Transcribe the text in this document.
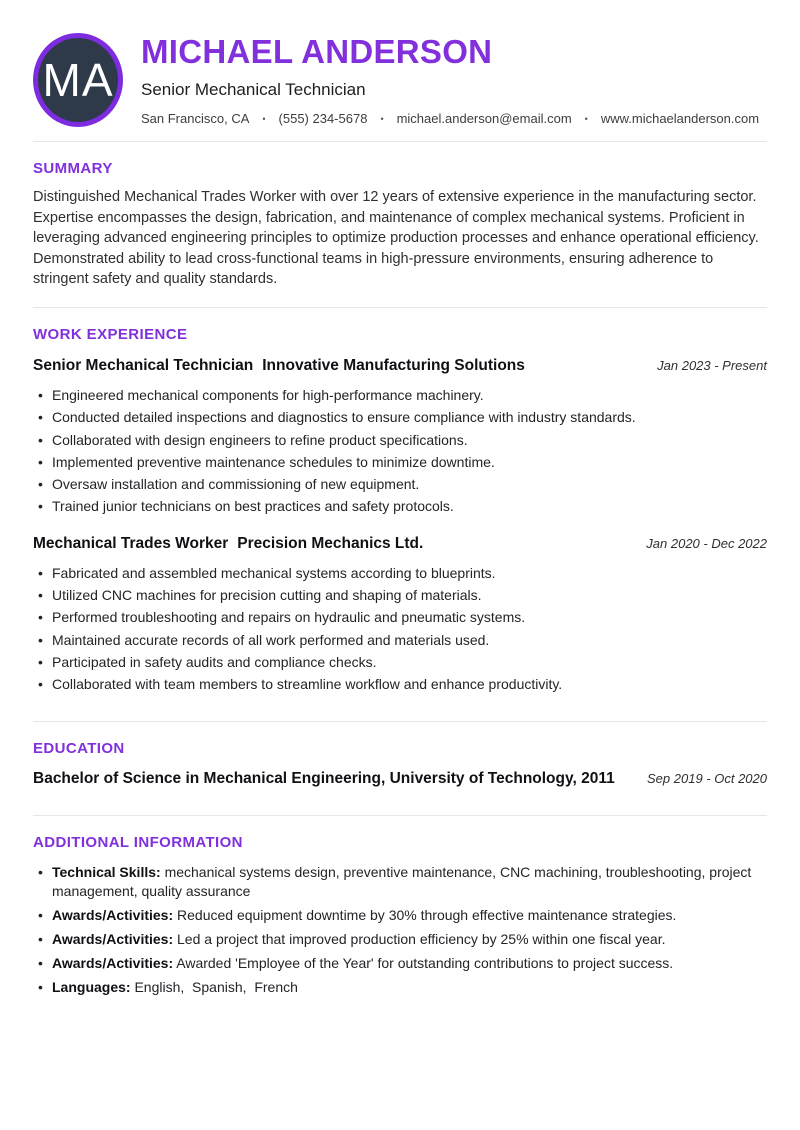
MA
MICHAEL ANDERSON
Senior Mechanical Technician
San Francisco, CA • (555) 234-5678 • michael.anderson@email.com • www.michaelanderson.com
SUMMARY

Distinguished Mechanical Trades Worker with over 12 years of extensive experience in the manufacturing sector. Expertise encompasses the design, fabrication, and maintenance of complex mechanical systems. Proficient in leveraging advanced engineering principles to optimize production processes and enhance operational efficiency. Demonstrated ability to lead cross-functional teams in high-pressure environments, ensuring adherence to stringent safety and quality standards.

WORK EXPERIENCE
Senior Mechanical Technician Innovative Manufacturing Solutions	Jan 2023 - Present
• Engineered mechanical components for high-performance machinery.
• Conducted detailed inspections and diagnostics to ensure compliance with industry standards.
• Collaborated with design engineers to refine product specifications.
• Implemented preventive maintenance schedules to minimize downtime.
• Oversaw installation and commissioning of new equipment.
• Trained junior technicians on best practices and safety protocols.
Mechanical Trades Worker Precision Mechanics Ltd.	Jan 2020 - Dec 2022
• Fabricated and assembled mechanical systems according to blueprints.
• Utilized CNC machines for precision cutting and shaping of materials.
• Performed troubleshooting and repairs on hydraulic and pneumatic systems.
• Maintained accurate records of all work performed and materials used.
• Participated in safety audits and compliance checks.
• Collaborated with team members to streamline workflow and enhance productivity.
EDUCATION
Bachelor of Science in Mechanical Engineering, University of Technology, 2011 Sep 2019 - Oct 2020
ADDITIONAL INFORMATION
• Technical Skills: mechanical systems design, preventive maintenance, CNC machining, troubleshooting, project management, quality assurance
• Awards/Activities: Reduced equipment downtime by 30% through effective maintenance strategies.
• Awards/Activities: Led a project that improved production efficiency by 25% within one fiscal year.
• Awards/Activities: Awarded 'Employee of the Year' for outstanding contributions to project success.
• Languages: English,  Spanish,  French
